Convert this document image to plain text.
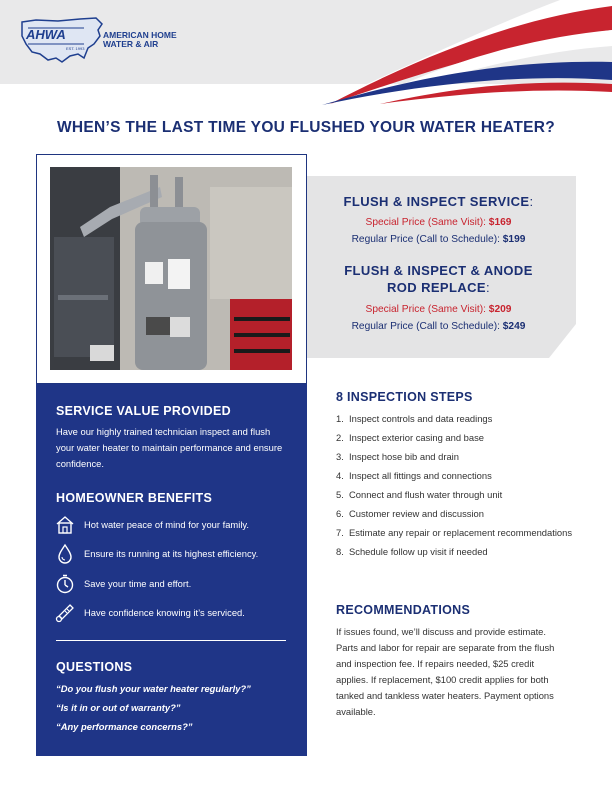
AHWA
EST. 1993
AMERICAN HOME
WATER & AIR
WHEN’S THE LAST TIME YOU FLUSHED YOUR WATER HEATER?
SERVICE VALUE PROVIDED
Have our highly trained technician inspect and flush your water heater to maintain performance and ensure confidence.
HOMEOWNER BENEFITS
Hot water peace of mind for your family.
Ensure its running at its highest efficiency.
Save your time and effort.
Have confidence knowing it’s serviced.
QUESTIONS
“Do you flush your water heater regularly?”
“Is it in or out of warranty?”
“Any performance concerns?”
FLUSH & INSPECT SERVICE:
Special Price (Same Visit): $169
Regular Price (Call to Schedule): $199
FLUSH & INSPECT & ANODE
ROD REPLACE:
Special Price (Same Visit): $209
Regular Price (Call to Schedule): $249
8 INSPECTION STEPS
1. Inspect controls and data readings
2. Inspect exterior casing and base
3. Inspect hose bib and drain
4. Inspect all fittings and connections
5. Connect and flush water through unit
6. Customer review and discussion
7. Estimate any repair or replacement recommendations
8. Schedule follow up visit if needed
RECOMMENDATIONS
If issues found, we’ll discuss and provide estimate. Parts and labor for repair are separate from the flush and inspection fee. If repairs needed, $25 credit applies. If replacement, $100 credit applies for both tanked and tankless water heaters. Payment options available.
